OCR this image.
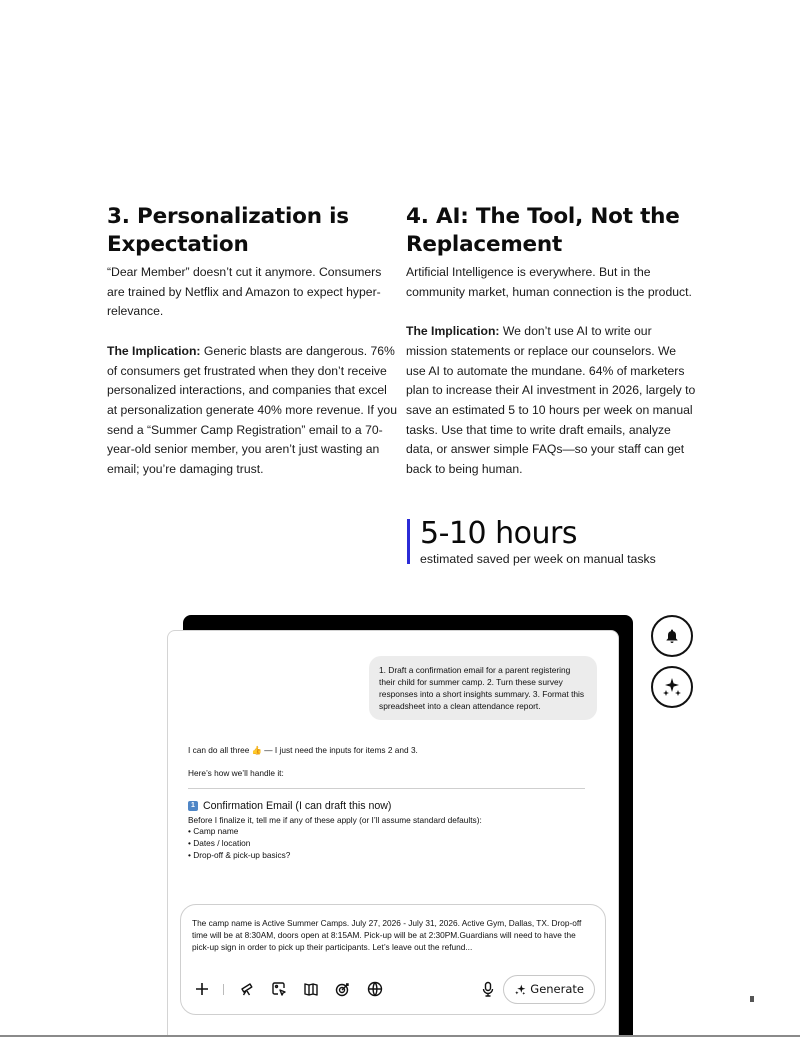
3. Personalization is Expectation

“Dear Member” doesn’t cut it anymore. Consumers are trained by Netflix and Amazon to expect hyper-relevance.

The Implication: Generic blasts are dangerous. 76% of consumers get frustrated when they don’t receive personalized interactions, and companies that excel at personalization generate 40% more revenue. If you send a “Summer Camp Registration” email to a 70-year-old senior member, you aren’t just wasting an email; you’re damaging trust.

4. AI: The Tool, Not the Replacement

Artificial Intelligence is everywhere. But in the community market, human connection is the product.

The Implication: We don’t use AI to write our mission statements or replace our counselors. We use AI to automate the mundane. 64% of marketers plan to increase their AI investment in 2026, largely to save an estimated 5 to 10 hours per week on manual tasks. Use that time to write draft emails, analyze data, or answer simple FAQs—so your staff can get back to being human.

5-10 hours
estimated saved per week on manual tasks
1. Draft a confirmation email for a parent registering their child for summer camp. 2. Turn these survey responses into a short insights summary. 3. Format this spreadsheet into a clean attendance report.
I can do all three 👍 — I just need the inputs for items 2 and 3.
Here’s how we’ll handle it:
1 Confirmation Email (I can draft this now)
Before I finalize it, tell me if any of these apply (or I’ll assume standard defaults):
• Camp name
• Dates / location
• Drop-off & pick-up basics?
The camp name is Active Summer Camps. July 27, 2026 - July 31, 2026. Active Gym, Dallas, TX. Drop-off time will be at 8:30AM, doors open at 8:15AM. Pick-up will be at 2:30PM.Guardians will need to have the pick-up sign in order to pick up their participants. Let’s leave out the refund...
Generate
